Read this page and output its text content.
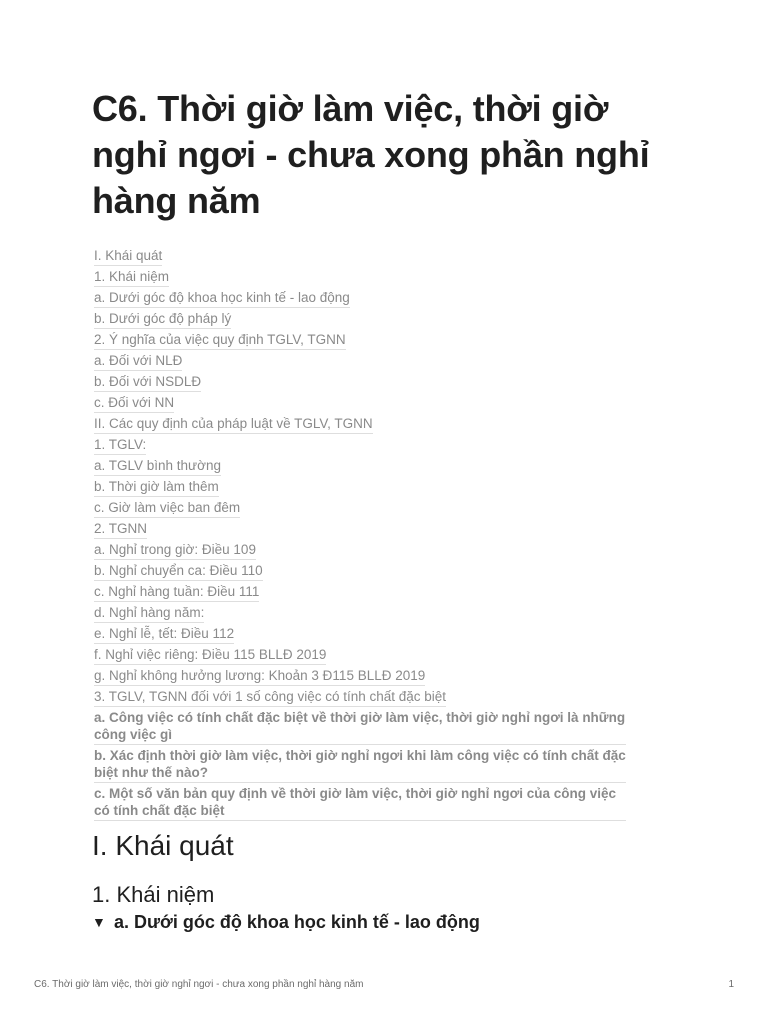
C6. Thời giờ làm việc, thời giờ nghỉ ngơi - chưa xong phần nghỉ hàng năm
I. Khái quát
1. Khái niệm
a. Dưới góc độ khoa học kinh tế - lao động
b. Dưới góc độ pháp lý
2. Ý nghĩa của việc quy định TGLV, TGNN
a. Đối với NLĐ
b. Đối với NSDLĐ
c. Đối với NN
II. Các quy định của pháp luật về TGLV, TGNN
1. TGLV:
a. TGLV bình thường
b. Thời giờ làm thêm
c. Giờ làm việc ban đêm
2. TGNN
a. Nghỉ trong giờ: Điều 109
b. Nghỉ chuyển ca: Điều 110
c. Nghỉ hàng tuần: Điều 111
d. Nghỉ hàng năm:
e. Nghỉ lễ, tết: Điều 112
f. Nghỉ việc riêng: Điều 115 BLLĐ 2019
g. Nghỉ không hưởng lương: Khoản 3 Đ115 BLLĐ 2019
3. TGLV, TGNN đối với 1 số công việc có tính chất đặc biệt
a. Công việc có tính chất đặc biệt về thời giờ làm việc, thời giờ nghỉ ngơi là những công việc gì
b. Xác định thời giờ làm việc, thời giờ nghỉ ngơi khi làm công việc có tính chất đặc biệt như thế nào?
c. Một số văn bản quy định về thời giờ làm việc, thời giờ nghỉ ngơi của công việc có tính chất đặc biệt
I. Khái quát
1. Khái niệm
▼ a. Dưới góc độ khoa học kinh tế - lao động
C6. Thời giờ làm việc, thời giờ nghỉ ngơi - chưa xong phần nghỉ hàng năm	1
